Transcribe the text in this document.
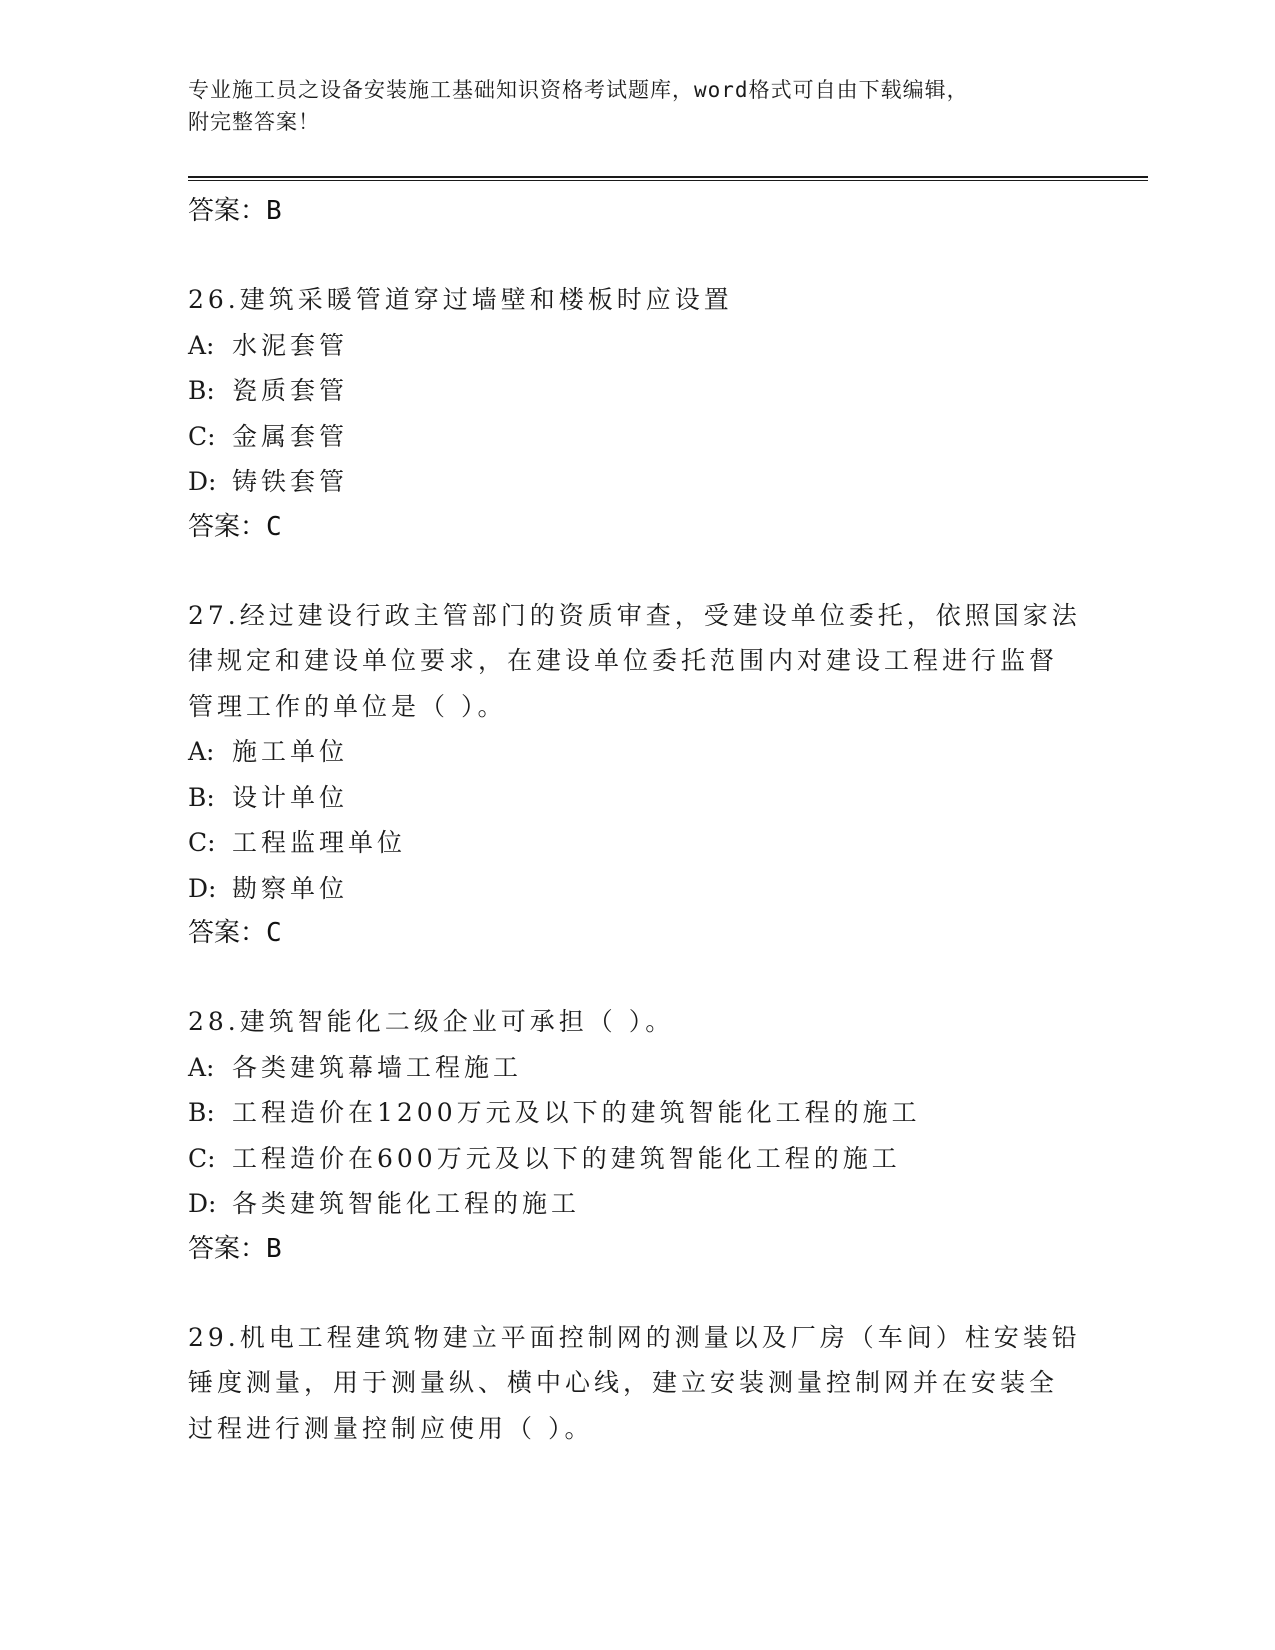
专业施工员之设备安装施工基础知识资格考试题库，word格式可自由下载编辑，
附完整答案！
答案：B
26.建筑采暖管道穿过墙壁和楼板时应设置
A: 水泥套管
B: 瓷质套管
C: 金属套管
D: 铸铁套管
答案：C
27.经过建设行政主管部门的资质审查，受建设单位委托，依照国家法
律规定和建设单位要求，在建设单位委托范围内对建设工程进行监督
管理工作的单位是（ ）。
A: 施工单位
B: 设计单位
C: 工程监理单位
D: 勘察单位
答案：C
28.建筑智能化二级企业可承担（ ）。
A: 各类建筑幕墙工程施工
B: 工程造价在1200万元及以下的建筑智能化工程的施工
C: 工程造价在600万元及以下的建筑智能化工程的施工
D: 各类建筑智能化工程的施工
答案：B
29.机电工程建筑物建立平面控制网的测量以及厂房（车间）柱安装铅
锤度测量，用于测量纵、横中心线，建立安装测量控制网并在安装全
过程进行测量控制应使用（ ）。
